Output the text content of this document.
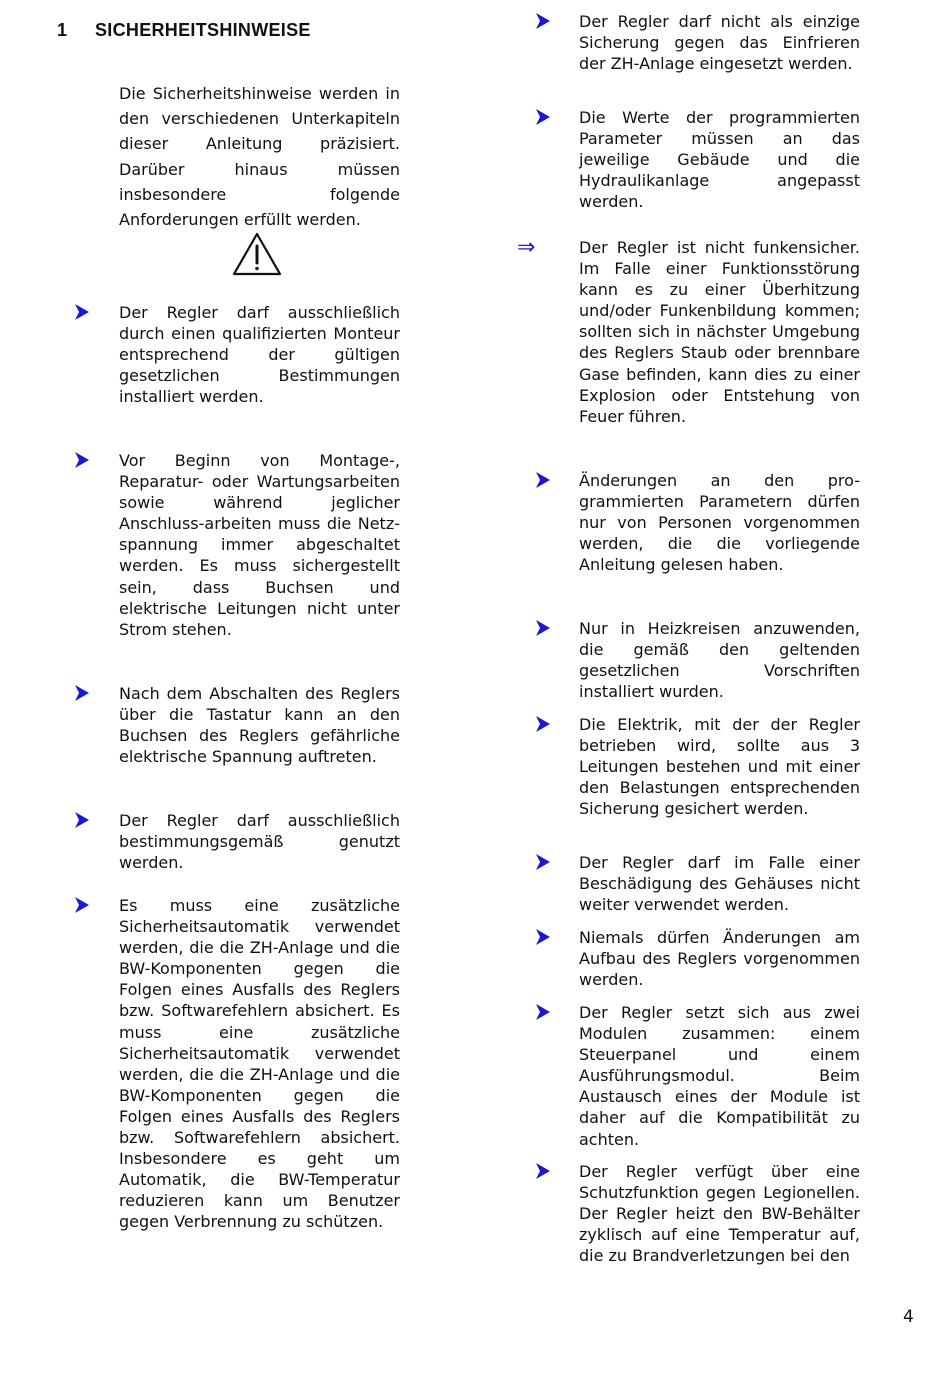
1 SICHERHEITSHINWEISE
Die Sicherheitshinweise werden in den verschiedenen Unterkapiteln dieser Anleitung präzisiert. Darüber hinaus müssen insbesondere folgende Anforderungen erfüllt werden.
Der Regler darf ausschließlich durch einen qualifizierten Monteur entsprechend der gültigen gesetzlichen Bestimmungen installiert werden.
Vor Beginn von Montage-, Reparatur- oder Wartungsarbeiten sowie während jeglicher Anschluss-arbeiten muss die Netz-spannung immer abgeschaltet werden. Es muss sichergestellt sein, dass Buchsen und elektrische Leitungen nicht unter Strom stehen.
Nach dem Abschalten des Reglers über die Tastatur kann an den Buchsen des Reglers gefährliche elektrische Spannung auftreten.
Der Regler darf ausschließlich bestimmungsgemäß genutzt werden.
Es muss eine zusätzliche Sicherheitsautomatik verwendet werden, die die ZH-Anlage und die BW-Komponenten gegen die Folgen eines Ausfalls des Reglers bzw. Softwarefehlern absichert. Es muss eine zusätzliche Sicherheitsautomatik verwendet werden, die die ZH-Anlage und die BW-Komponenten gegen die Folgen eines Ausfalls des Reglers bzw. Softwarefehlern absichert. Insbesondere es geht um Automatik, die BW-Temperatur reduzieren kann um Benutzer gegen Verbrennung zu schützen.
Der Regler darf nicht als einzige Sicherung gegen das Einfrieren der ZH-Anlage eingesetzt werden.
Die Werte der programmierten Parameter müssen an das jeweilige Gebäude und die Hydraulikanlage angepasst werden.
⇒	Der Regler ist nicht funkensicher. Im Falle einer Funktionsstörung kann es zu einer Überhitzung und/oder Funkenbildung kommen; sollten sich in nächster Umgebung des Reglers Staub oder brennbare Gase befinden, kann dies zu einer Explosion oder Entstehung von Feuer führen.
Änderungen an den pro-grammierten Parametern dürfen nur von Personen vorgenommen werden, die die vorliegende Anleitung gelesen haben.
Nur in Heizkreisen anzuwenden, die gemäß den geltenden gesetzlichen Vorschriften installiert wurden.
Die Elektrik, mit der der Regler betrieben wird, sollte aus 3 Leitungen bestehen und mit einer den Belastungen entsprechenden Sicherung gesichert werden.
Der Regler darf im Falle einer Beschädigung des Gehäuses nicht weiter verwendet werden.
Niemals dürfen Änderungen am Aufbau des Reglers vorgenommen werden.
Der Regler setzt sich aus zwei Modulen zusammen: einem Steuerpanel und einem Ausführungsmodul. Beim Austausch eines der Module ist daher auf die Kompatibilität zu achten.
Der Regler verfügt über eine Schutzfunktion gegen Legionellen. Der Regler heizt den BW-Behälter zyklisch auf eine Temperatur auf, die zu Brandverletzungen bei den
4
